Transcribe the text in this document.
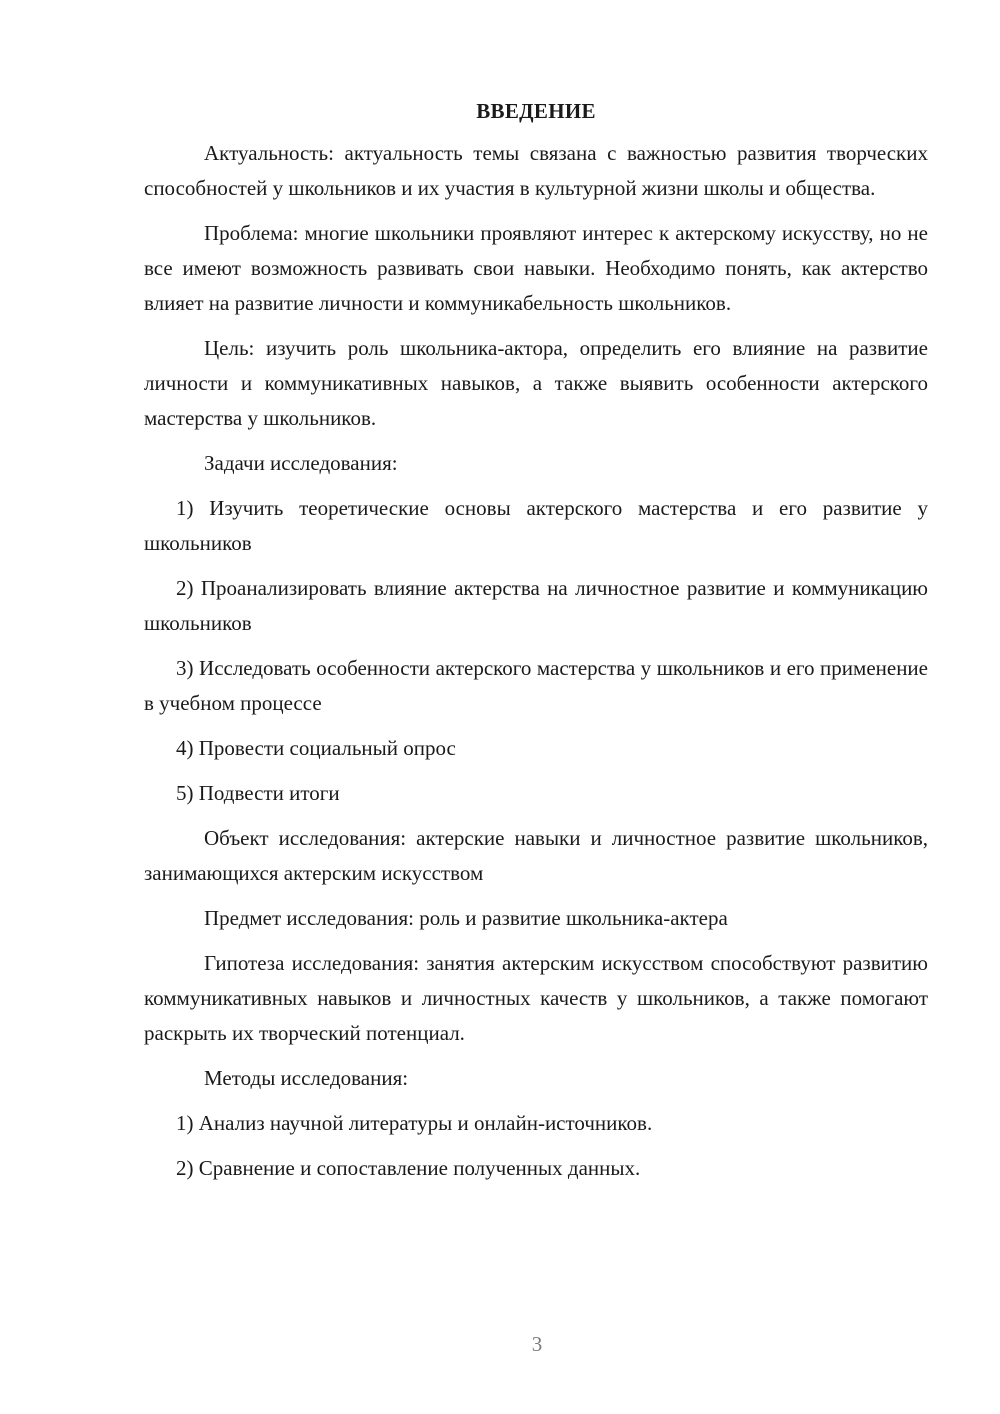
ВВЕДЕНИЕ

Актуальность: актуальность темы связана с важностью развития творческих способностей у школьников и их участия в культурной жизни школы и общества.

Проблема: многие школьники проявляют интерес к актерскому искусству, но не все имеют возможность развивать свои навыки. Необходимо понять, как актерство влияет на развитие личности и коммуникабельность школьников.

Цель: изучить роль школьника-актора, определить его влияние на развитие личности и коммуникативных навыков, а также выявить особенности актерского мастерства у школьников.

Задачи исследования:

1) Изучить теоретические основы актерского мастерства и его развитие у школьников

2) Проанализировать влияние актерства на личностное развитие и коммуникацию школьников

3) Исследовать особенности актерского мастерства у школьников и его применение в учебном процессе

4) Провести социальный опрос

5) Подвести итоги

Объект исследования: актерские навыки и личностное развитие школьников, занимающихся актерским искусством

Предмет исследования: роль и развитие школьника-актера

Гипотеза исследования: занятия актерским искусством способствуют развитию коммуникативных навыков и личностных качеств у школьников, а также помогают раскрыть их творческий потенциал.

Методы исследования:

1) Анализ научной литературы и онлайн-источников.

2) Сравнение и сопоставление полученных данных.

3
